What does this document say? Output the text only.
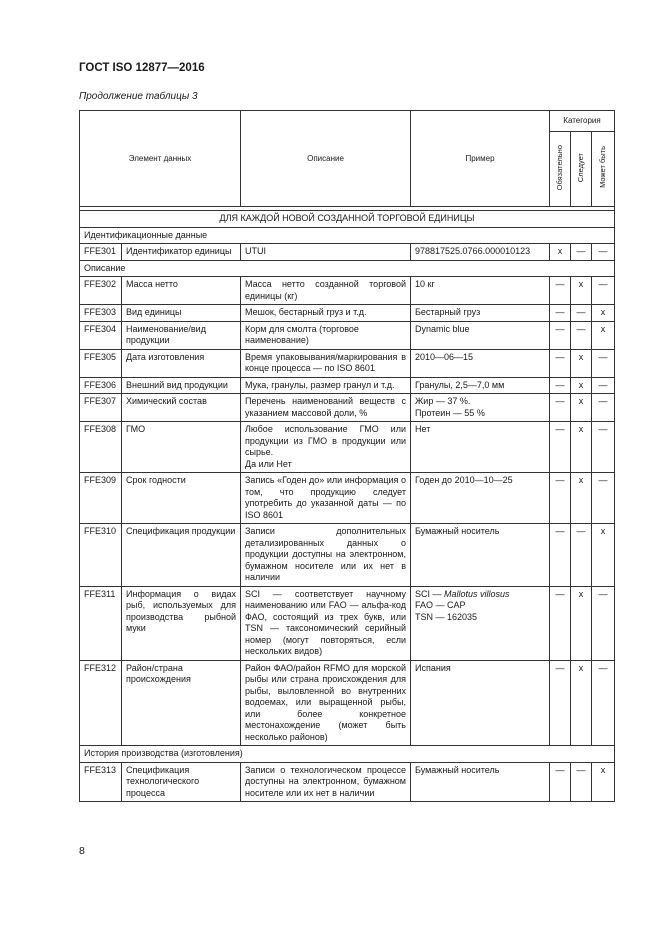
ГОСТ ISO 12877—2016
Продолжение таблицы 3
Элемент данных		Описание	Пример	Категория		
				Обязательно	Следует	Может быть

ДЛЯ КАЖДОЙ НОВОЙ СОЗДАННОЙ ТОРГОВОЙ ЕДИНИЦЫ						
Идентификационные данные						
FFE301	Идентификатор единицы	UTUI	978817525.0766.000010123	x	—	—
Описание						
FFE302	Масса нетто	Масса нетто созданной торговой единицы (кг)	10 кг	—	x	—
FFE303	Вид единицы	Мешок, бестарный груз и т.д.	Бестарный груз	—	—	x
FFE304	Наименование/вид продукции	Корм для смолта (торговое наименование)	Dynamic blue	—	—	x
FFE305	Дата изготовления	Время упаковывания/маркирования в конце процесса — по ISO 8601	2010—06—15	—	x	—
FFE306	Внешний вид продукции	Мука, гранулы, размер гранул и т.д.	Гранулы, 2,5—7,0 мм	—	x	—
FFE307	Химический состав	Перечень наименований веществ с указанием массовой доли, %	Жир — 37 %.
Протеин — 55 %	—	x	—
FFE308	ГМО	Любое использование ГМО или продукции из ГМО в продукции или сырье.
Да или Нет	Нет	—	x	—
FFE309	Срок годности	Запись «Годен до» или информация о том, что продукцию следует употребить до указанной даты — по ISO 8601	Годен до 2010—10—25	—	x	—
FFE310	Спецификация продукции	Записи дополнительных детализированных данных о продукции доступны на электронном, бумажном носителе или их нет в наличии	Бумажный носитель	—	—	x
FFE311	Информация о видах рыб, используемых для производства рыбной муки	SCI — соответствует научному наименованию или FAO — альфа-код ФАО, состоящий из трех букв, или TSN — таксономический серийный номер (могут повторяться, если нескольких видов)	SCI — Mallotus villosus
FAO — CAP
TSN — 162035	—	x	—
FFE312	Район/страна происхождения	Район ФАО/район RFMO для морской рыбы или страна происхождения для рыбы, выловленной во внутренних водоемах, или выращенной рыбы, или более конкретное местонахождение (может быть несколько районов)	Испания	—	x	—
История производства (изготовления)						
FFE313	Спецификация технологического процесса	Записи о технологическом процессе доступны на электронном, бумажном носителе или их нет в наличии	Бумажный носитель	—	—	x
8
